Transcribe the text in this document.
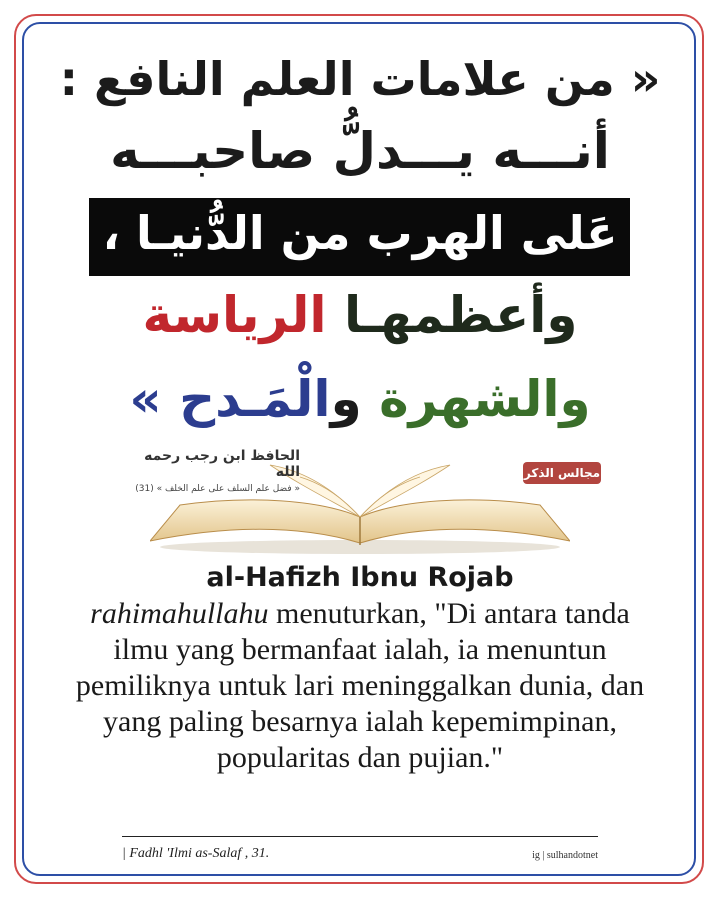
« من علامات العلم النافع :
أنـــه يـــدلُّ صاحبـــه
عَلى الهرب من الدُّنيـا ،
وأعظمهـا الرياسة
والشهرة والْمَـدح »
الحافظ ابن رجب رحمه الله
« فضل علم السلف على علم الخلف » (31)
مجالس الذكر
al-Hafizh Ibnu Rojab
rahimahullahu menuturkan, "Di antara tanda ilmu yang bermanfaat ialah, ia menuntun pemiliknya untuk lari meninggalkan dunia, dan yang paling besarnya ialah kepemimpinan, popularitas dan pujian."
| Fadhl 'Ilmi as-Salaf , 31.	ig | sulhandotnet
